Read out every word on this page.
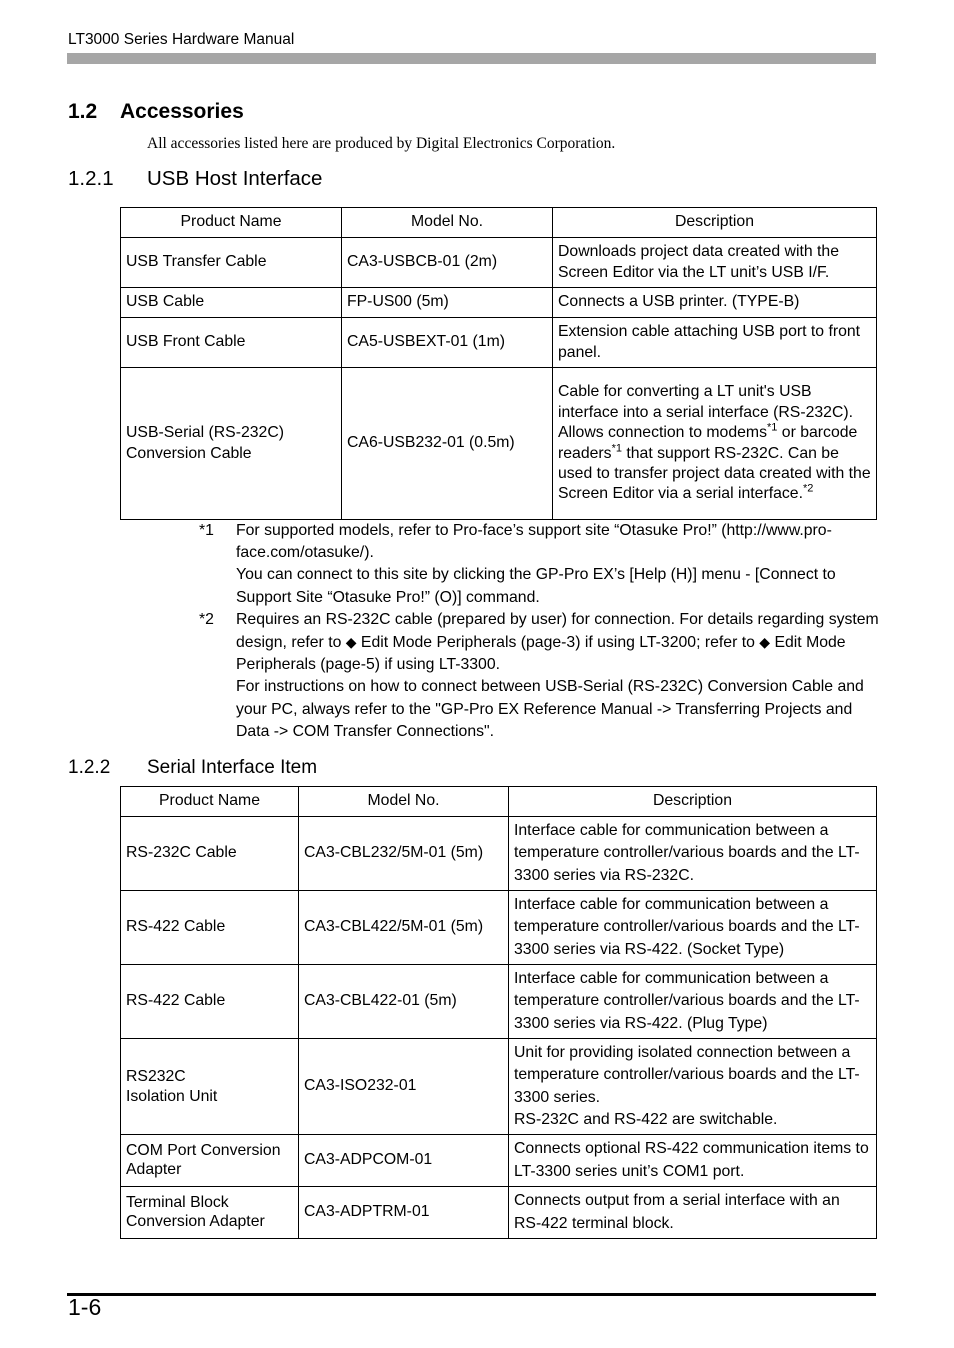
LT3000 Series Hardware Manual
1.2 Accessories
All accessories listed here are produced by Digital Electronics Corporation.
1.2.1 USB Host Interface
Product Name	Model No.	Description
USB Transfer Cable	CA3-USBCB-01 (2m)	Downloads project data created with the Screen Editor via the LT unit’s USB I/F.
USB Cable	FP-US00 (5m)	Connects a USB printer. (TYPE-B)
USB Front Cable	CA5-USBEXT-01 (1m)	Extension cable attaching USB port to front panel.
USB-Serial (RS-232C)
Conversion Cable	CA6-USB232-01 (0.5m)	Cable for converting a LT unit's USB interface into a serial interface (RS-232C). Allows connection to modems$^{*1}$ or barcode readers$^{*1}$ that support RS-232C. Can be used to transfer project data created with the Screen Editor via a serial interface.$^{*2}$
*1	For supported models, refer to Pro-face’s support site “Otasuke Pro!” (http://www.pro-face.com/otasuke/).

You can connect to this site by clicking the GP-Pro EX’s [Help (H)] menu - [Connect to Support Site “Otasuke Pro!” (O)] command.

*2	Requires an RS-232C cable (prepared by user) for connection. For details regarding system design, refer to ◆ Edit Mode Peripherals (page-3) if using LT-3200; refer to ◆ Edit Mode Peripherals (page-5) if using LT-3300.

For instructions on how to connect between USB-Serial (RS-232C) Conversion Cable and your PC, always refer to the "GP-Pro EX Reference Manual -> Transferring Projects and Data -> COM Transfer Connections".

1.2.2 Serial Interface Item
Product Name	Model No.	Description
RS-232C Cable	CA3-CBL232/5M-01 (5m)	Interface cable for communication between a temperature controller/various boards and the LT-3300 series via RS-232C.
RS-422 Cable	CA3-CBL422/5M-01 (5m)	Interface cable for communication between a temperature controller/various boards and the LT-3300 series via RS-422. (Socket Type)
RS-422 Cable	CA3-CBL422-01 (5m)	Interface cable for communication between a temperature controller/various boards and the LT-3300 series via RS-422. (Plug Type)
RS232C
Isolation Unit	CA3-ISO232-01	Unit for providing isolated connection between a temperature controller/various boards and the LT-3300 series.
RS-232C and RS-422 are switchable.
COM Port Conversion
Adapter	CA3-ADPCOM-01	Connects optional RS-422 communication items to LT-3300 series unit’s COM1 port.
Terminal Block
Conversion Adapter	CA3-ADPTRM-01	Connects output from a serial interface with an RS-422 terminal block.
1-6
